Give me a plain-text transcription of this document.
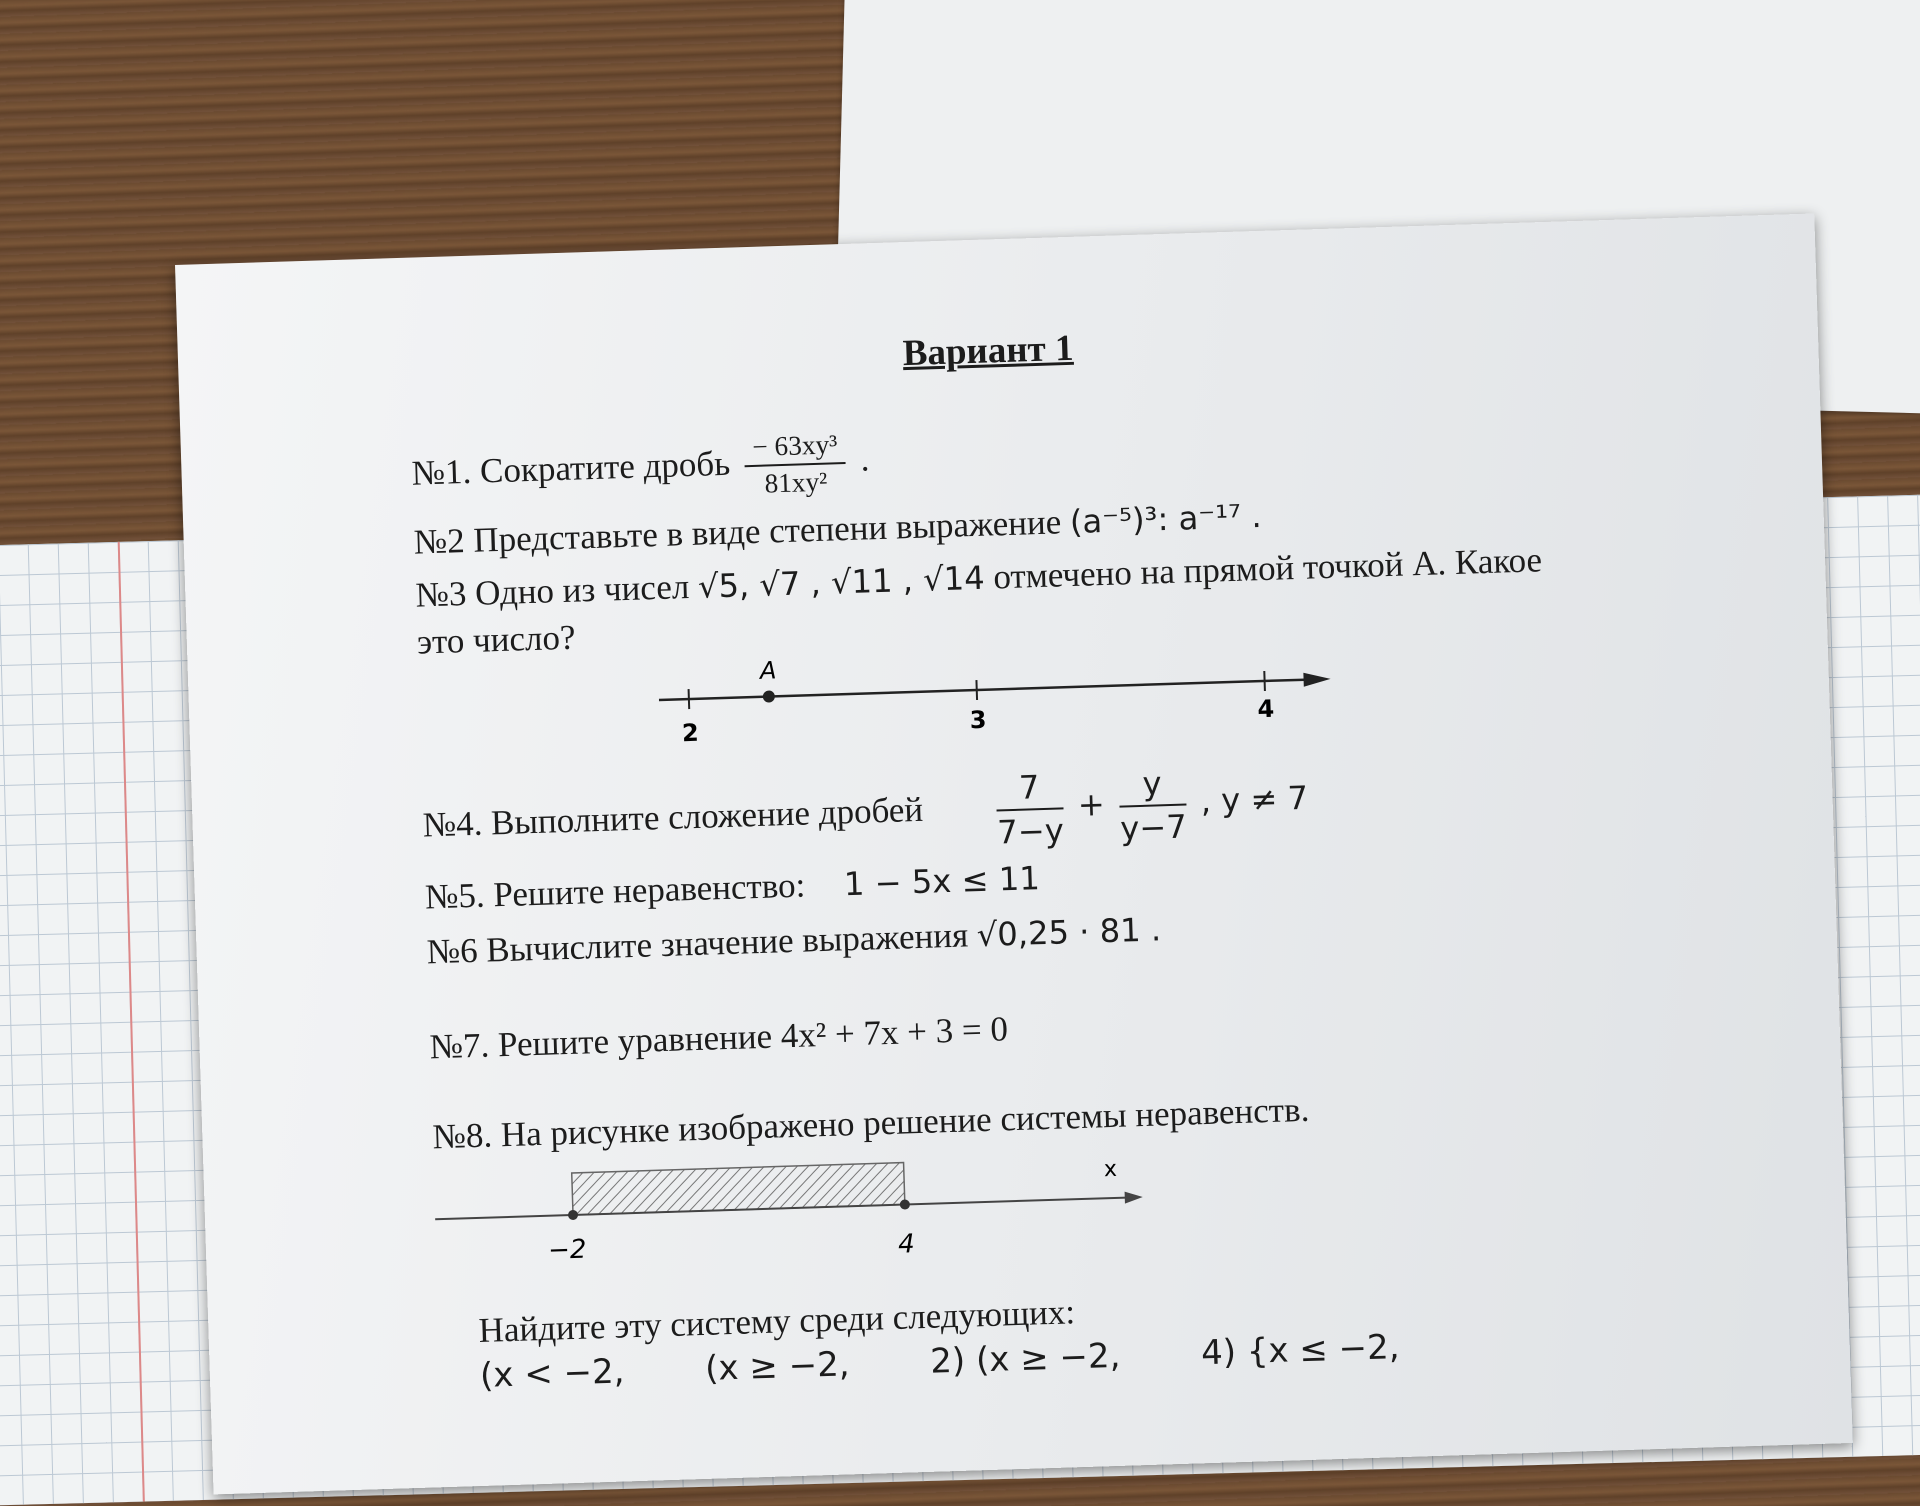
Вариант 1
№1. Сократите дробь $\frac{\text{− 63xy³}}{\text{81xy²}}$ .
№2 Представьте в виде степени выражение (a⁻⁵)³: a⁻¹⁷ .
№3 Одно из чисел √5, √7 , √11 , √14 отмечено на прямой точкой A. Какое
это число?
A
2	3	4
№4. Выполните сложение дробей $\frac{7}{7-y} + \frac{y}{y-7}$ , y ≠ 7
№5. Решите неравенство: 1 − 5x ≤ 11
№6 Вычислите значение выражения √0,25 · 81 .
№7. Решите уравнение 4x² + 7x + 3 = 0
№8. На рисунке изображено решение системы неравенств.
x
−2	4
Найдите эту систему среди следующих:
(x < −2, (x ≥ −2, 2) (x ≥ −2, 4) {x ≤ −2,
